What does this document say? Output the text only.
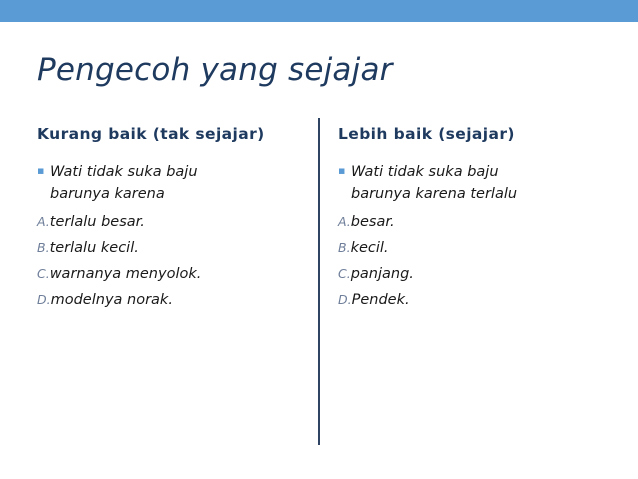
Pengecoh yang sejajar
Kurang baik (tak sejajar)
▪ Wati tidak suka baju
barunya karena
A.terlalu besar.
B.terlalu kecil.
C.warnanya menyolok.
D.modelnya norak.
Lebih baik (sejajar)
▪ Wati tidak suka baju
barunya karena terlalu
A.besar.
B.kecil.
C.panjang.
D.Pendek.
